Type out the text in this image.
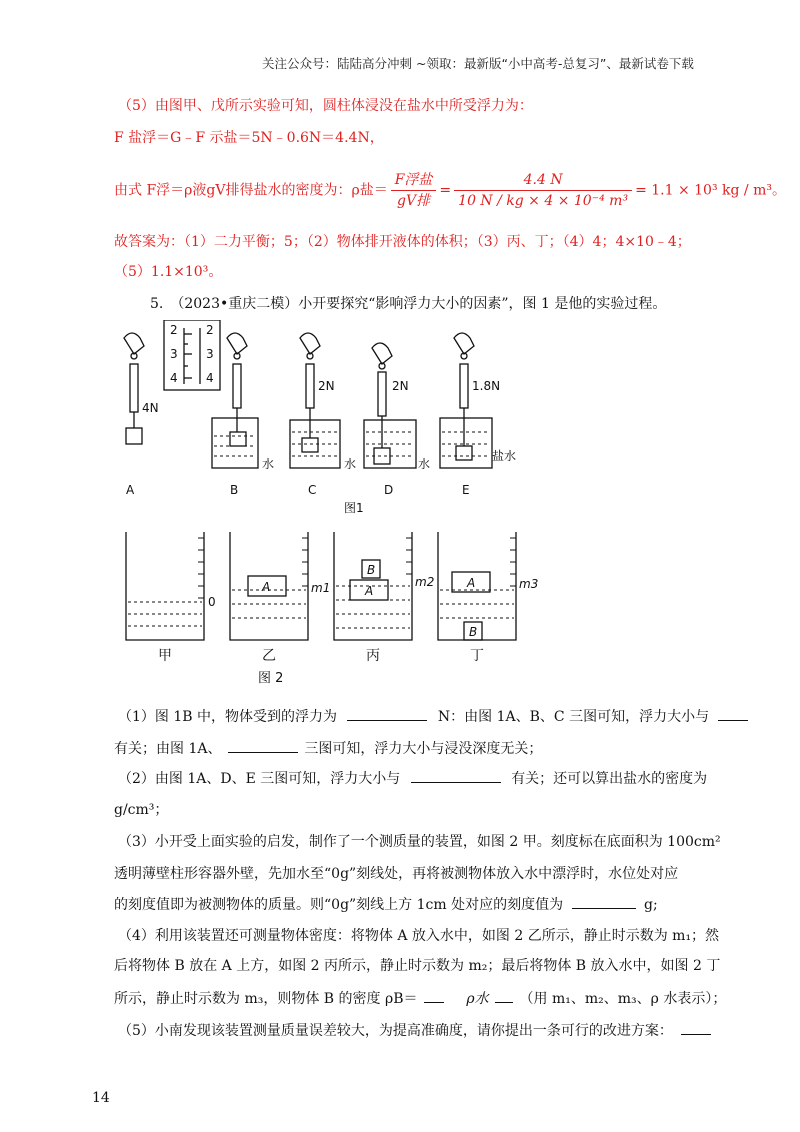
关注公众号：陆陆高分冲刺 ~领取：最新版“小中高考-总复习”、最新试卷下载
（5）由图甲、戊所示实验可知，圆柱体浸没在盐水中所受浮力为：
F 盐浮＝G﹣F 示盐＝5N﹣0.6N＝4.4N，
由式 F浮＝ρ液gV排得盐水的密度为：ρ盐＝ $\frac{\text{F浮盐}}{\text{gV排}} = \frac{4.4 N}{\text{10 N / kg × 4 × 10⁻⁴ m³}} = 1.1 \times 10^3$ kg / m³。
故答案为：（1）二力平衡；5；（2）物体排开液体的体积；（3）丙、丁；（4）4；4×10﹣4；
（5）1.1×10³。
5.　（2023•重庆二模）小开要探究“影响浮力大小的因素”，图 1 是他的实验过程。
2
3
4
2
3
4
4N
2N	2N	1.8N
水	水	水
盐水
A	B	C	D	E
图1
0
m1	m2	m3
A	A
B
A
B
甲	乙	丙	丁
图 2
（1）图 1B 中，物体受到的浮力为	N：由图 1A、B、C 三图可知，浮力大小与
有关；由图 1A、	三图可知，浮力大小与浸没深度无关；
（2）由图 1A、D、E 三图可知，浮力大小与	有关；还可以算出盐水的密度为
g/cm³；
（3）小开受上面实验的启发，制作了一个测质量的装置，如图 2 甲。刻度标在底面积为 100cm²
透明薄壁柱形容器外壁，先加水至“0g”刻线处，再将被测物体放入水中漂浮时，水位处对应
的刻度值即为被测物体的质量。则“0g”刻线上方 1cm 处对应的刻度值为	g;
（4）利用该装置还可测量物体密度：将物体 A 放入水中，如图 2 乙所示，静止时示数为 m₁；然
后将物体 B 放在 A 上方，如图 2 丙所示，静止时示数为 m₂；最后将物体 B 放入水中，如图 2 丁
所示，静止时示数为 m₃，则物体 B 的密度 ρB＝	ρ水 （用 m₁、m₂、m₃、ρ 水表示）；
（5）小南发现该装置测量质量误差较大，为提高准确度，请你提出一条可行的改进方案：
14
